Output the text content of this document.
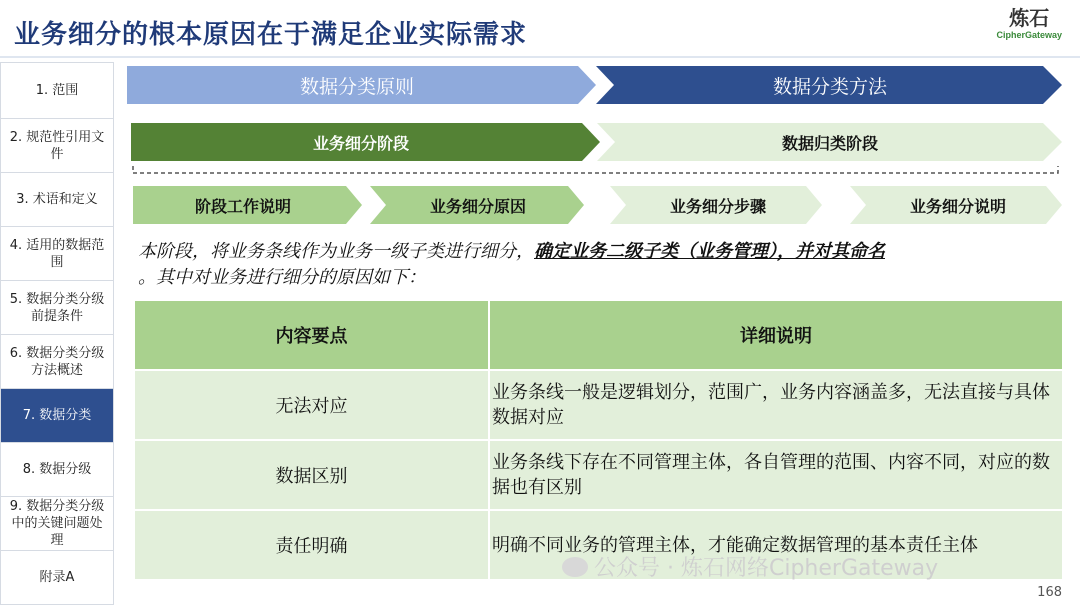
业务细分的根本原因在于满足企业实际需求
炼石
CipherGateway
1. 范围
2. 规范性引用文件
3. 术语和定义
4. 适用的数据范围
5. 数据分类分级前提条件
6. 数据分类分级方法概述
7. 数据分类
8. 数据分级
9. 数据分类分级中的关键问题处理
附录A
数据分类原则	数据分类方法
业务细分阶段	数据归类阶段
阶段工作说明	业务细分原因	业务细分步骤	业务细分说明
本阶段，将业务条线作为业务一级子类进行细分，确定业务二级子类（业务管理），并对其命名
。其中对业务进行细分的原因如下：
内容要点	详细说明
无法对应	业务条线一般是逻辑划分，范围广，业务内容涵盖多，无法直接与具体数据对应
数据区别	业务条线下存在不同管理主体，各自管理的范围、内容不同，对应的数据也有区别
责任明确	明确不同业务的管理主体，才能确定数据管理的基本责任主体
公众号 · 炼石网络CipherGateway
168
